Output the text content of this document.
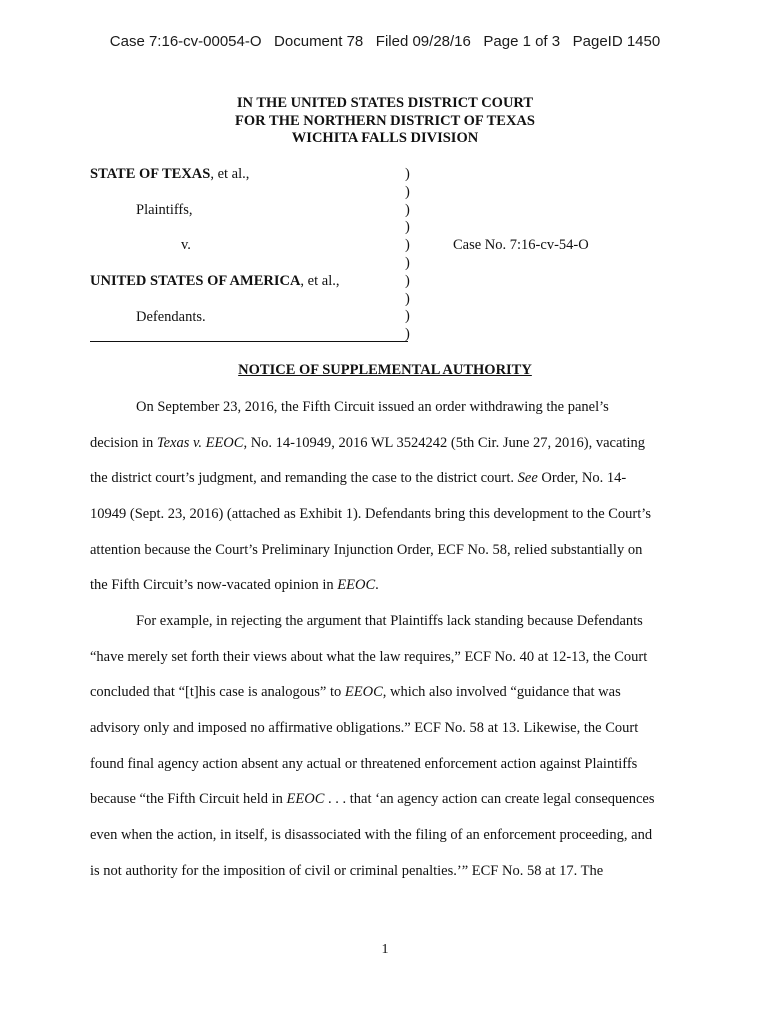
Case 7:16-cv-00054-O Document 78 Filed 09/28/16 Page 1 of 3 PageID 1450
IN THE UNITED STATES DISTRICT COURT
FOR THE NORTHERN DISTRICT OF TEXAS
WICHITA FALLS DIVISION
STATE OF TEXAS, et al.,
Plaintiffs,
v.
UNITED STATES OF AMERICA, et al.,
Defendants.
)
)
)
)
)
)
)
)
)
)
Case No. 7:16-cv-54-O
NOTICE OF SUPPLEMENTAL AUTHORITY
On September 23, 2016, the Fifth Circuit issued an order withdrawing the panel’s
decision in Texas v. EEOC, No. 14-10949, 2016 WL 3524242 (5th Cir. June 27, 2016), vacating
the district court’s judgment, and remanding the case to the district court. See Order, No. 14-
10949 (Sept. 23, 2016) (attached as Exhibit 1). Defendants bring this development to the Court’s
attention because the Court’s Preliminary Injunction Order, ECF No. 58, relied substantially on
the Fifth Circuit’s now-vacated opinion in EEOC.
For example, in rejecting the argument that Plaintiffs lack standing because Defendants
“have merely set forth their views about what the law requires,” ECF No. 40 at 12-13, the Court
concluded that “[t]his case is analogous” to EEOC, which also involved “guidance that was
advisory only and imposed no affirmative obligations.” ECF No. 58 at 13. Likewise, the Court
found final agency action absent any actual or threatened enforcement action against Plaintiffs
because “the Fifth Circuit held in EEOC . . . that ‘an agency action can create legal consequences
even when the action, in itself, is disassociated with the filing of an enforcement proceeding, and
is not authority for the imposition of civil or criminal penalties.’” ECF No. 58 at 17. The
1
